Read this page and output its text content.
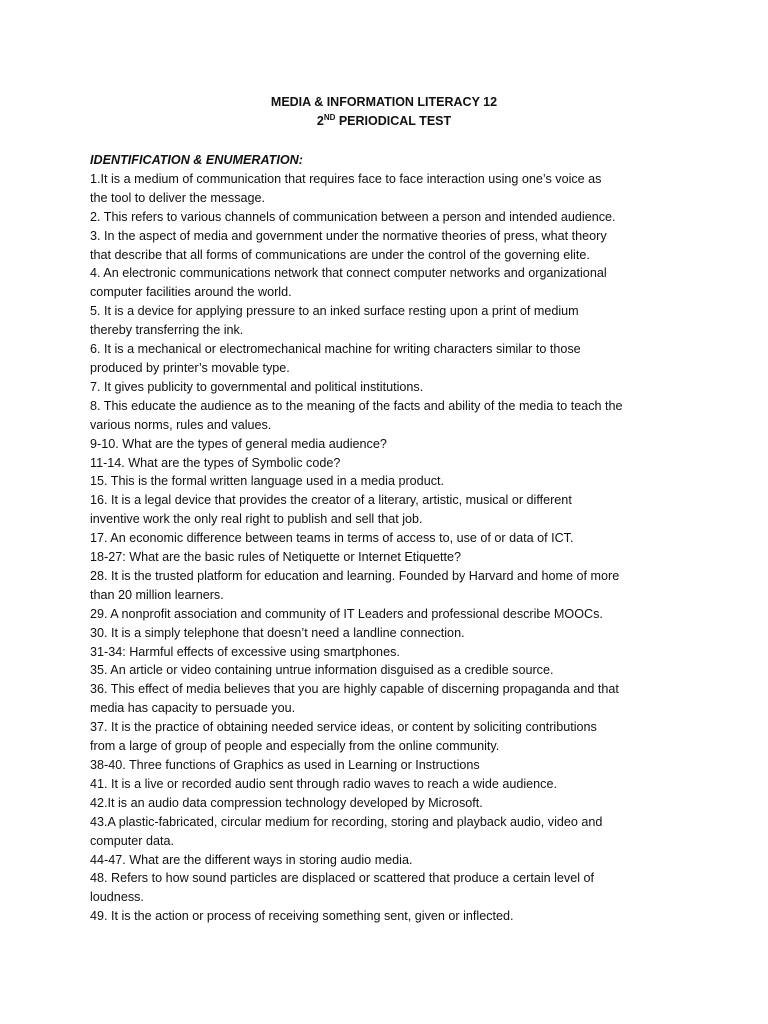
MEDIA & INFORMATION LITERACY 12
2ND PERIODICAL TEST
IDENTIFICATION & ENUMERATION:
1.It is a medium of communication that requires face to face interaction using one’s voice as
the tool to deliver the message.
2. This refers to various channels of communication between a person and intended audience.
3. In the aspect of media and government under the normative theories of press, what theory
that describe that all forms of communications are under the control of the governing elite.
4. An electronic communications network that connect computer networks and organizational
computer facilities around the world.
5. It is a device for applying pressure to an inked surface resting upon a print of medium
thereby transferring the ink.
6. It is a mechanical or electromechanical machine for writing characters similar to those
produced by printer’s movable type.
7. It gives publicity to governmental and political institutions.
8. This educate the audience as to the meaning of the facts and ability of the media to teach the
various norms, rules and values.
9-10. What are the types of general media audience?
11-14. What are the types of Symbolic code?
15. This is the formal written language used in a media product.
16. It is a legal device that provides the creator of a literary, artistic, musical or different
inventive work the only real right to publish and sell that job.
17. An economic difference between teams in terms of access to, use of or data of ICT.
18-27: What are the basic rules of Netiquette or Internet Etiquette?
28. It is the trusted platform for education and learning. Founded by Harvard and home of more
than 20 million learners.
29. A nonprofit association and community of IT Leaders and professional describe MOOCs.
30. It is a simply telephone that doesn’t need a landline connection.
31-34: Harmful effects of excessive using smartphones.
35. An article or video containing untrue information disguised as a credible source.
36. This effect of media believes that you are highly capable of discerning propaganda and that
media has capacity to persuade you.
37. It is the practice of obtaining needed service ideas, or content by soliciting contributions
from a large of group of people and especially from the online community.
38-40. Three functions of Graphics as used in Learning or Instructions
41. It is a live or recorded audio sent through radio waves to reach a wide audience.
42.It is an audio data compression technology developed by Microsoft.
43.A plastic-fabricated, circular medium for recording, storing and playback audio, video and
computer data.
44-47. What are the different ways in storing audio media.
48. Refers to how sound particles are displaced or scattered that produce a certain level of
loudness.
49. It is the action or process of receiving something sent, given or inflected.
